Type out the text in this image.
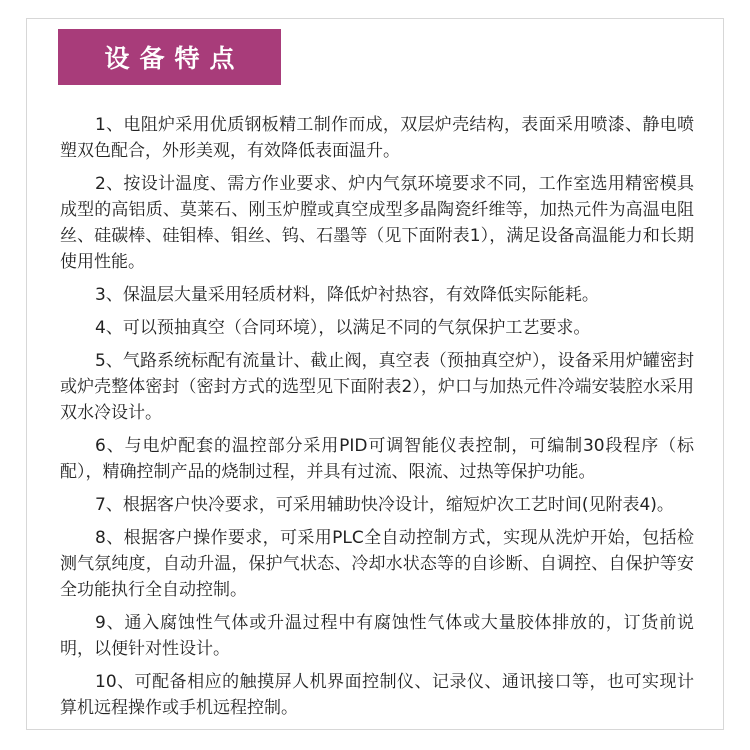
设备特点

1、电阻炉采用优质钢板精工制作而成，双层炉壳结构，表面采用喷漆、静电喷塑双色配合，外形美观，有效降低表面温升。

2、按设计温度、需方作业要求、炉内气氛环境要求不同，工作室选用精密模具成型的高铝质、莫莱石、刚玉炉膛或真空成型多晶陶瓷纤维等，加热元件为高温电阻丝、硅碳棒、硅钼棒、钼丝、钨、石墨等（见下面附表1），满足设备高温能力和长期使用性能。

3、保温层大量采用轻质材料，降低炉衬热容，有效降低实际能耗。

4、可以预抽真空（合同环境），以满足不同的气氛保护工艺要求。

5、气路系统标配有流量计、截止阀，真空表（预抽真空炉），设备采用炉罐密封或炉壳整体密封（密封方式的选型见下面附表2），炉口与加热元件冷端安装腔水采用双水冷设计。

6、与电炉配套的温控部分采用PID可调智能仪表控制，可编制30段程序（标配），精确控制产品的烧制过程，并具有过流、限流、过热等保护功能。

7、根据客户快冷要求，可采用辅助快冷设计，缩短炉次工艺时间(见附表4)。

8、根据客户操作要求，可采用PLC全自动控制方式，实现从洗炉开始，包括检测气氛纯度，自动升温，保护气状态、冷却水状态等的自诊断、自调控、自保护等安全功能执行全自动控制。

9、通入腐蚀性气体或升温过程中有腐蚀性气体或大量胶体排放的，订货前说明，以便针对性设计。

10、可配备相应的触摸屏人机界面控制仪、记录仪、通讯接口等，也可实现计算机远程操作或手机远程控制。
